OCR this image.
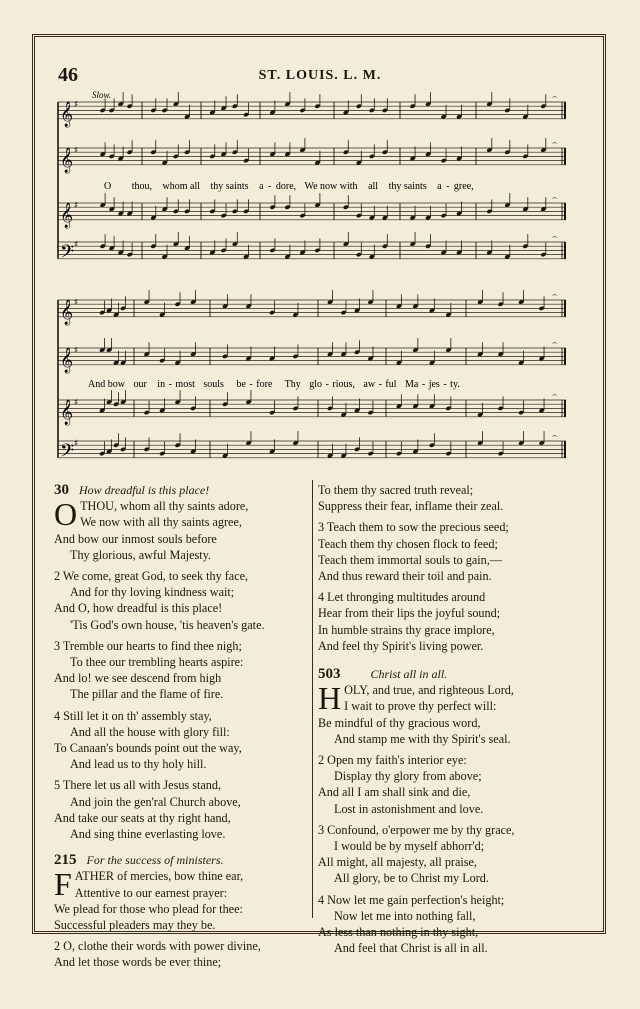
46	ST. LOUIS. L. M.
Slow.
O thou, whom all thy saints a - dore, We now with all thy saints a - gree,
𝄞 ♯
⌢
𝄞 ♯
⌢
𝄞 ♯
⌢
𝄢 ♯
⌢
And bow our in - most souls be - fore Thy glo - rious, aw - ful Ma - jes - ty.
𝄞 ♯
⌢
𝄞 ♯
⌢
𝄞 ♯
⌢
𝄢 ♯
⌢
30 How dreadful is this place!
O THOU, whom all thy saints adore,
We now with all thy saints agree,
And bow our inmost souls before
Thy glorious, awful Majesty.
2 We come, great God, to seek thy face,
And for thy loving kindness wait;
And O, how dreadful is this place!
'Tis God's own house, 'tis heaven's gate.
3 Tremble our hearts to find thee nigh;
To thee our trembling hearts aspire:
And lo! we see descend from high
The pillar and the flame of fire.
4 Still let it on th' assembly stay,
And all the house with glory fill:
To Canaan's bounds point out the way,
And lead us to thy holy hill.
5 There let us all with Jesus stand,
And join the gen'ral Church above,
And take our seats at thy right hand,
And sing thine everlasting love.
215 For the success of ministers.
F ATHER of mercies, bow thine ear,
Attentive to our earnest prayer:
We plead for those who plead for thee:
Successful pleaders may they be.
2 O, clothe their words with power divine,
And let those words be ever thine;
To them thy sacred truth reveal;
Suppress their fear, inflame their zeal.
3 Teach them to sow the precious seed;
Teach them thy chosen flock to feed;
Teach them immortal souls to gain,—
And thus reward their toil and pain.
4 Let thronging multitudes around
Hear from their lips the joyful sound;
In humble strains thy grace implore,
And feel thy Spirit's living power.
503	Christ all in all.
H OLY, and true, and righteous Lord,
I wait to prove thy perfect will:
Be mindful of thy gracious word,
And stamp me with thy Spirit's seal.
2 Open my faith's interior eye:
Display thy glory from above;
And all I am shall sink and die,
Lost in astonishment and love.
3 Confound, o'erpower me by thy grace,
I would be by myself abhorr'd;
All might, all majesty, all praise,
All glory, be to Christ my Lord.
4 Now let me gain perfection's height;
Now let me into nothing fall,
As less than nothing in thy sight,
And feel that Christ is all in all.
